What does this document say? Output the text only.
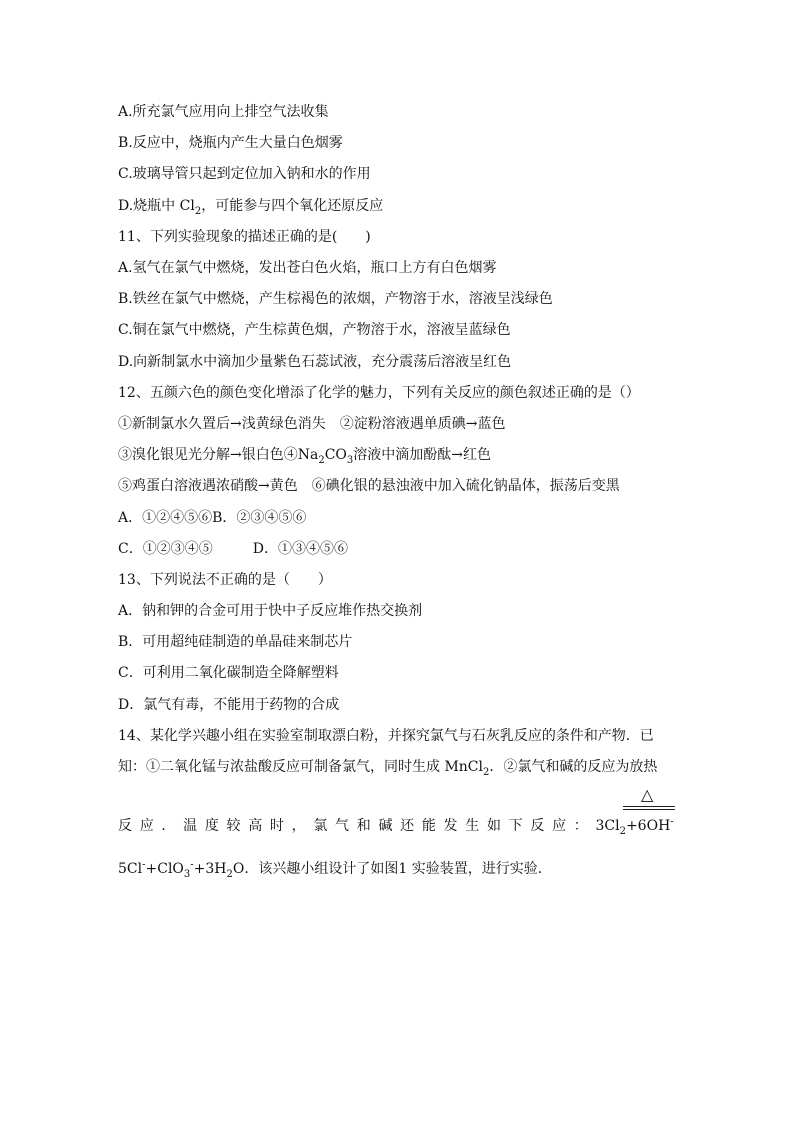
A.所充氯气应用向上排空气法收集
B.反应中，烧瓶内产生大量白色烟雾
C.玻璃导管只起到定位加入钠和水的作用
D.烧瓶中 $Cl_2$，可能参与四个氧化还原反应
11、下列实验现象的描述正确的是(　　)
A.氢气在氯气中燃烧，发出苍白色火焰，瓶口上方有白色烟雾
B.铁丝在氯气中燃烧，产生棕褐色的浓烟，产物溶于水，溶液呈浅绿色
C.铜在氯气中燃烧，产生棕黄色烟，产物溶于水，溶液呈蓝绿色
D.向新制氯水中滴加少量紫色石蕊试液，充分震荡后溶液呈红色
12、五颜六色的颜色变化增添了化学的魅力，下列有关反应的颜色叙述正确的是（）
①新制氯水久置后→浅黄绿色消失 ②淀粉溶液遇单质碘→蓝色
③溴化银见光分解→银白色$④Na_2CO_3$溶液中滴加酚酞→红色
⑤鸡蛋白溶液遇浓硝酸→黄色 ⑥碘化银的悬浊液中加入硫化钠晶体，振荡后变黑
A．①②④⑤⑥B．②③④⑤⑥
C．①②③④⑤	D．①③④⑤⑥
13、下列说法不正确的是（　　）
A．钠和钾的合金可用于快中子反应堆作热交换剂
B．可用超纯硅制造的单晶硅来制芯片
C．可利用二氧化碳制造全降解塑料
D．氯气有毒，不能用于药物的合成
14、某化学兴趣小组在实验室制取漂白粉，并探究氯气与石灰乳反应的条件和产物．已
知：①二氧化锰与浓盐酸反应可制备氯气，同时生成 MnCl$_2$．②氯气和碱的反应为放热
△
反 应 ． 温 度 较 高 时 ， 氯 气 和 碱 还 能 发 生 如 下 反 应 ： $3Cl_2+6OH^-$
$5Cl^-+ClO_3^-+3H_2O$．该兴趣小组设计了如图1 实验装置，进行实验．
